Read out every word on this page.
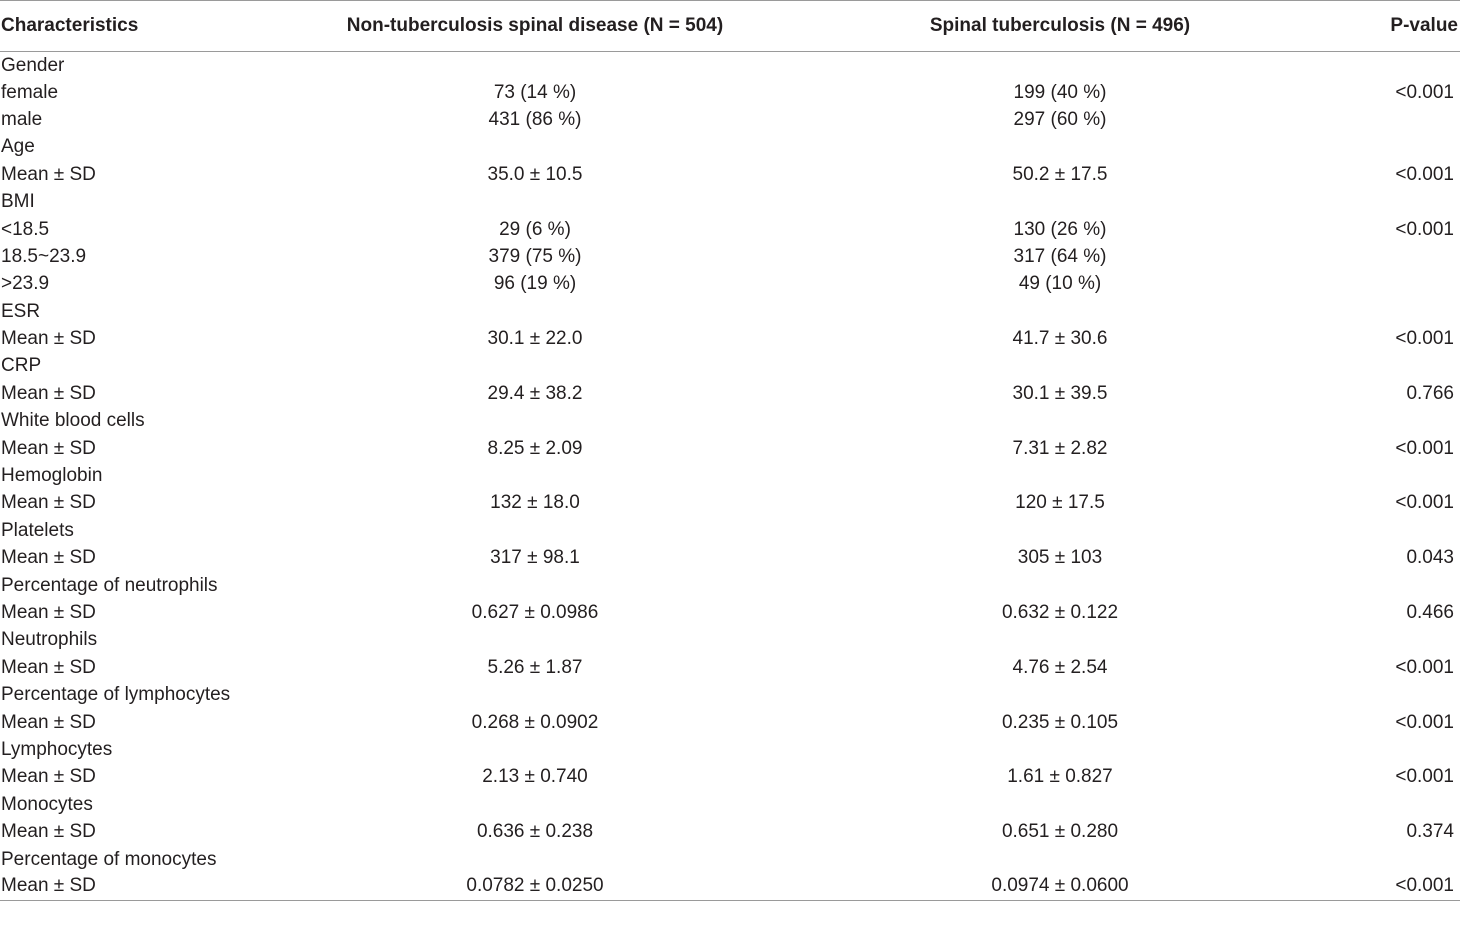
Characteristics	Non-tuberculosis spinal disease (N = 504)	Spinal tuberculosis (N = 496)	P-value
Gender			
female	73 (14 %)	199 (40 %)	<0.001
male	431 (86 %)	297 (60 %)	
Age			
Mean ± SD	35.0 ± 10.5	50.2 ± 17.5	<0.001
BMI			
<18.5	29 (6 %)	130 (26 %)	<0.001
18.5~23.9	379 (75 %)	317 (64 %)	
>23.9	96 (19 %)	49 (10 %)	
ESR			
Mean ± SD	30.1 ± 22.0	41.7 ± 30.6	<0.001
CRP			
Mean ± SD	29.4 ± 38.2	30.1 ± 39.5	0.766
White blood cells			
Mean ± SD	8.25 ± 2.09	7.31 ± 2.82	<0.001
Hemoglobin			
Mean ± SD	132 ± 18.0	120 ± 17.5	<0.001
Platelets			
Mean ± SD	317 ± 98.1	305 ± 103	0.043
Percentage of neutrophils			
Mean ± SD	0.627 ± 0.0986	0.632 ± 0.122	0.466
Neutrophils			
Mean ± SD	5.26 ± 1.87	4.76 ± 2.54	<0.001
Percentage of lymphocytes			
Mean ± SD	0.268 ± 0.0902	0.235 ± 0.105	<0.001
Lymphocytes			
Mean ± SD	2.13 ± 0.740	1.61 ± 0.827	<0.001
Monocytes			
Mean ± SD	0.636 ± 0.238	0.651 ± 0.280	0.374
Percentage of monocytes			
Mean ± SD	0.0782 ± 0.0250	0.0974 ± 0.0600	<0.001
